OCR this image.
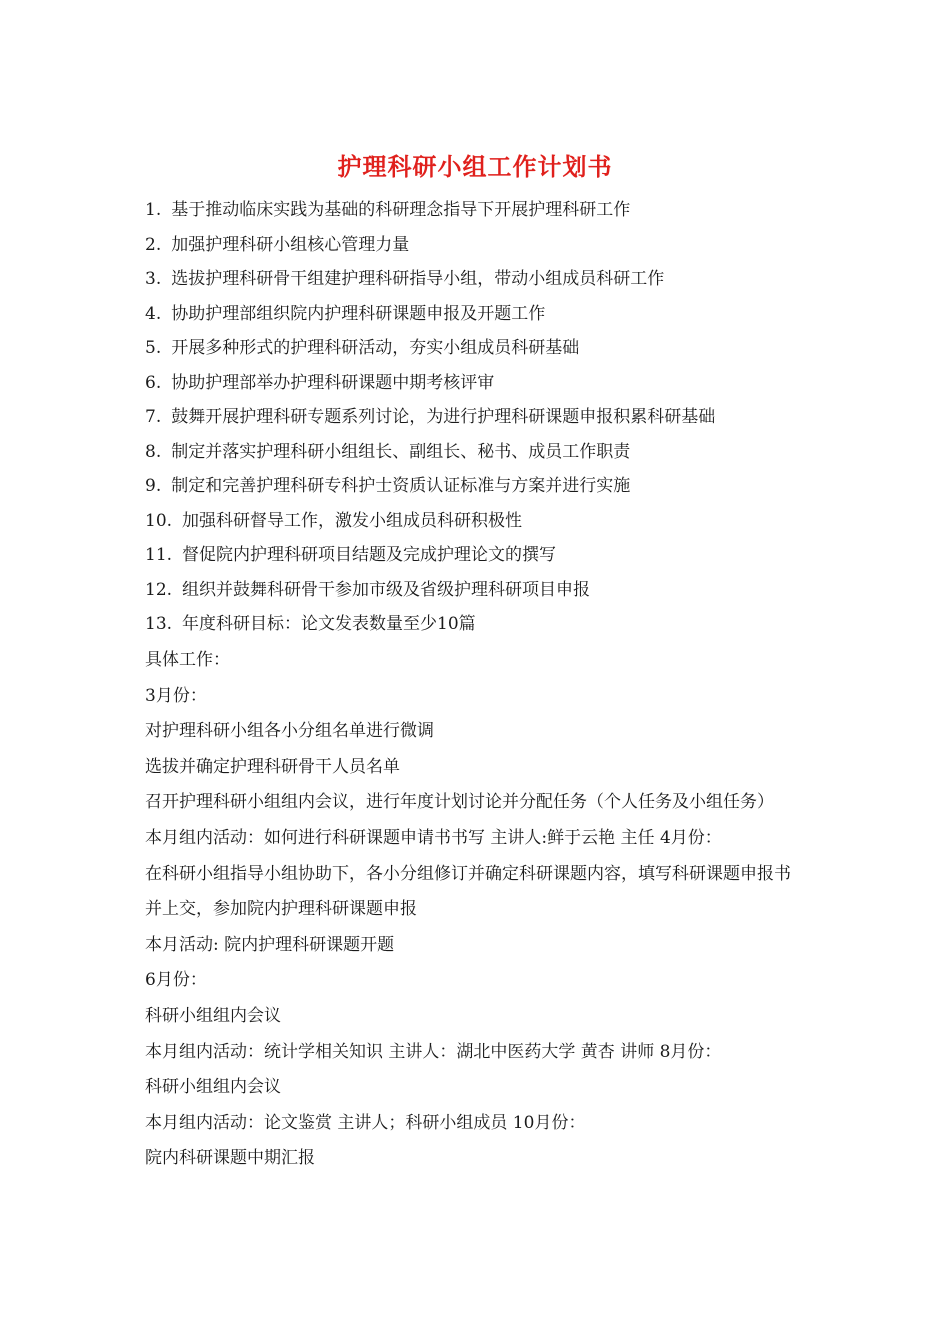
护理科研小组工作计划书
1. 基于推动临床实践为基础的科研理念指导下开展护理科研工作
2. 加强护理科研小组核心管理力量
3. 选拔护理科研骨干组建护理科研指导小组，带动小组成员科研工作
4. 协助护理部组织院内护理科研课题申报及开题工作
5. 开展多种形式的护理科研活动，夯实小组成员科研基础
6. 协助护理部举办护理科研课题中期考核评审
7. 鼓舞开展护理科研专题系列讨论，为进行护理科研课题申报积累科研基础
8. 制定并落实护理科研小组组长、副组长、秘书、成员工作职责
9. 制定和完善护理科研专科护士资质认证标准与方案并进行实施
10. 加强科研督导工作，激发小组成员科研积极性
11. 督促院内护理科研项目结题及完成护理论文的撰写
12. 组织并鼓舞科研骨干参加市级及省级护理科研项目申报
13. 年度科研目标：论文发表数量至少10篇
具体工作：
3月份：
对护理科研小组各小分组名单进行微调
选拔并确定护理科研骨干人员名单
召开护理科研小组组内会议，进行年度计划讨论并分配任务（个人任务及小组任务）
本月组内活动：如何进行科研课题申请书书写 主讲人:鲜于云艳 主任 4月份：
在科研小组指导小组协助下，各小分组修订并确定科研课题内容，填写科研课题申报书并上交，参加院内护理科研课题申报
本月活动: 院内护理科研课题开题
6月份：
科研小组组内会议
本月组内活动：统计学相关知识 主讲人：湖北中医药大学 黄杏 讲师 8月份：
科研小组组内会议
本月组内活动：论文鉴赏 主讲人；科研小组成员 10月份：
院内科研课题中期汇报
